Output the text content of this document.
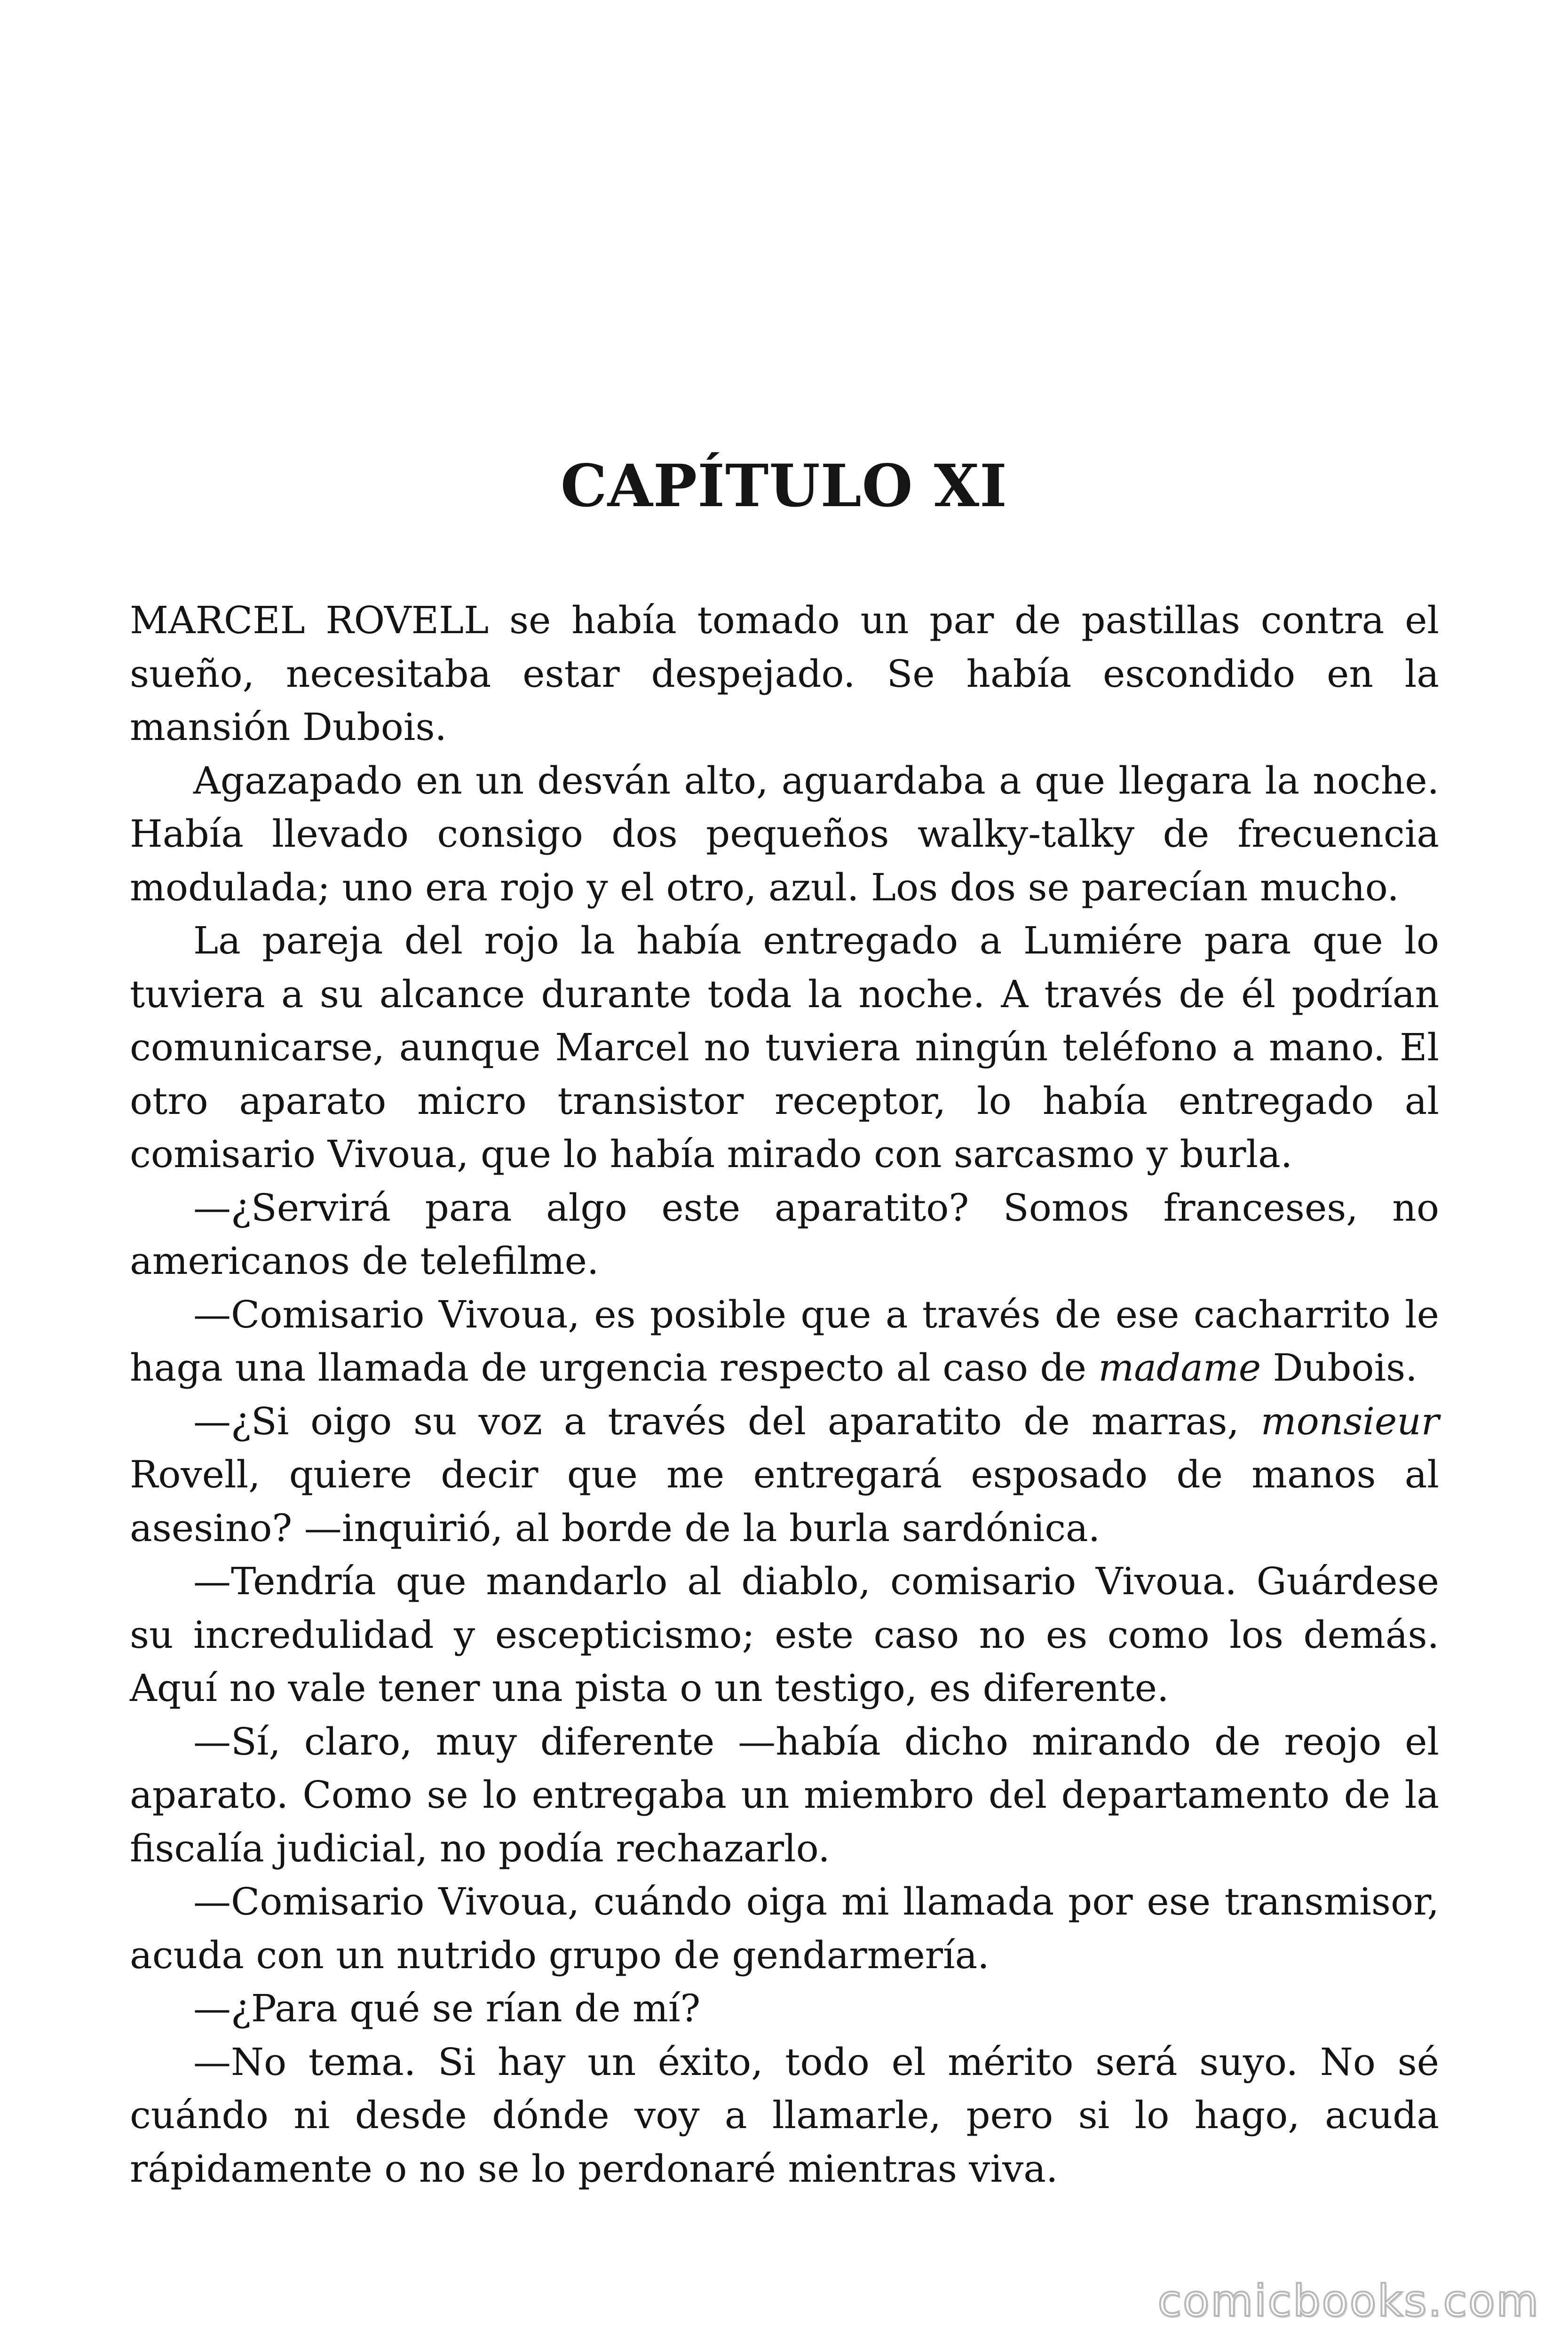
CAPÍTULO XI

MARCEL ROVELL se había tomado un par de pastillas contra el sueño, necesitaba estar despejado. Se había escondido en la mansión Dubois.

Agazapado en un desván alto, aguardaba a que llegara la noche. Había llevado consigo dos pequeños walky-talky de frecuencia modulada; uno era rojo y el otro, azul. Los dos se parecían mucho.

La pareja del rojo la había entregado a Lumiére para que lo tuviera a su alcance durante toda la noche. A través de él podrían comunicarse, aunque Marcel no tuviera ningún teléfono a mano. El otro aparato micro transistor receptor, lo había entregado al comisario Vivoua, que lo había mirado con sarcasmo y burla.

—¿Servirá para algo este aparatito? Somos franceses, no americanos de telefilme.

—Comisario Vivoua, es posible que a través de ese cacharrito le haga una llamada de urgencia respecto al caso de madame Dubois.

—¿Si oigo su voz a través del aparatito de marras, monsieur Rovell, quiere decir que me entregará esposado de manos al asesino? —inquirió, al borde de la burla sardónica.

—Tendría que mandarlo al diablo, comisario Vivoua. Guárdese su incredulidad y escepticismo; este caso no es como los demás. Aquí no vale tener una pista o un testigo, es diferente.

—Sí, claro, muy diferente —había dicho mirando de reojo el aparato. Como se lo entregaba un miembro del departamento de la fiscalía judicial, no podía rechazarlo.

—Comisario Vivoua, cuándo oiga mi llamada por ese transmisor, acuda con un nutrido grupo de gendarmería.

—¿Para qué se rían de mí?

—No tema. Si hay un éxito, todo el mérito será suyo. No sé cuándo ni desde dónde voy a llamarle, pero si lo hago, acuda rápidamente o no se lo perdonaré mientras viva.

comicbooks.com
